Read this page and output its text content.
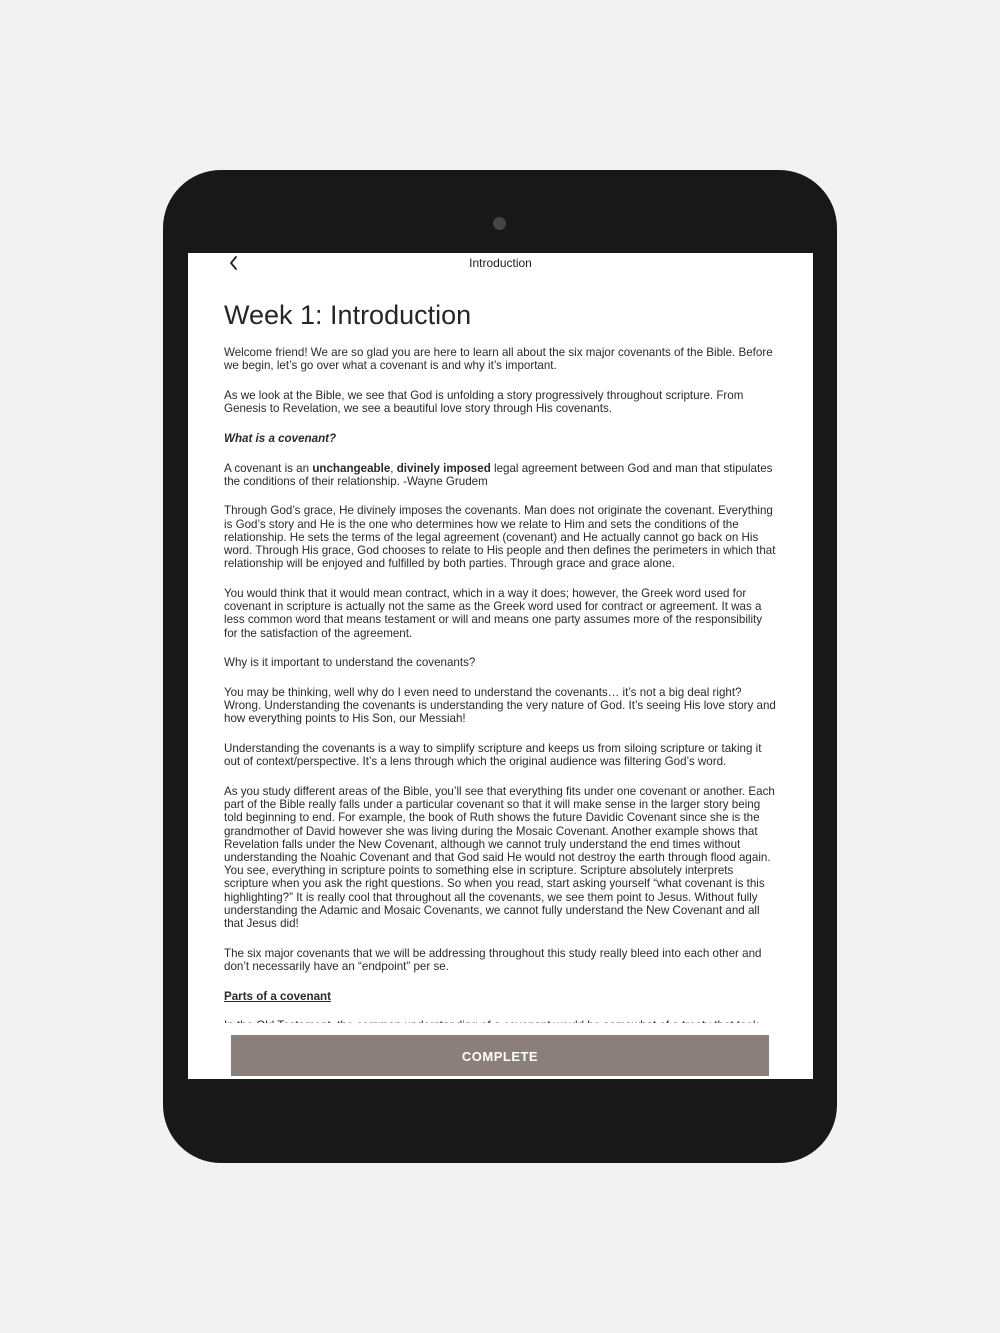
Introduction
Week 1: Introduction

Welcome friend! We are so glad you are here to learn all about the six major covenants of the Bible. Before we begin, let’s go over what a covenant is and why it’s important.

As we look at the Bible, we see that God is unfolding a story progressively throughout scripture. From Genesis to Revelation, we see a beautiful love story through His covenants.

What is a covenant?

A covenant is an unchangeable, divinely imposed legal agreement between God and man that stipulates the conditions of their relationship. -Wayne Grudem

Through God’s grace, He divinely imposes the covenants. Man does not originate the covenant. Everything is God’s story and He is the one who determines how we relate to Him and sets the conditions of the relationship. He sets the terms of the legal agreement (covenant) and He actually cannot go back on His word. Through His grace, God chooses to relate to His people and then defines the perimeters in which that relationship will be enjoyed and fulfilled by both parties. Through grace and grace alone.

You would think that it would mean contract, which in a way it does; however, the Greek word used for covenant in scripture is actually not the same as the Greek word used for contract or agreement. It was a less common word that means testament or will and means one party assumes more of the responsibility for the satisfaction of the agreement.

Why is it important to understand the covenants?

You may be thinking, well why do I even need to understand the covenants… it’s not a big deal right? Wrong. Understanding the covenants is understanding the very nature of God. It’s seeing His love story and how everything points to His Son, our Messiah!

Understanding the covenants is a way to simplify scripture and keeps us from siloing scripture or taking it out of context/perspective. It’s a lens through which the original audience was filtering God’s word.

As you study different areas of the Bible, you’ll see that everything fits under one covenant or another. Each part of the Bible really falls under a particular covenant so that it will make sense in the larger story being told beginning to end. For example, the book of Ruth shows the future Davidic Covenant since she is the grandmother of David however she was living during the Mosaic Covenant. Another example shows that Revelation falls under the New Covenant, although we cannot truly understand the end times without understanding the Noahic Covenant and that God said He would not destroy the earth through flood again. You see, everything in scripture points to something else in scripture. Scripture absolutely interprets scripture when you ask the right questions. So when you read, start asking yourself “what covenant is this highlighting?” It is really cool that throughout all the covenants, we see them point to Jesus. Without fully understanding the Adamic and Mosaic Covenants, we cannot fully understand the New Covenant and all that Jesus did!

The six major covenants that we will be addressing throughout this study really bleed into each other and don’t necessarily have an “endpoint” per se.

Parts of a covenant

COMPLETE
